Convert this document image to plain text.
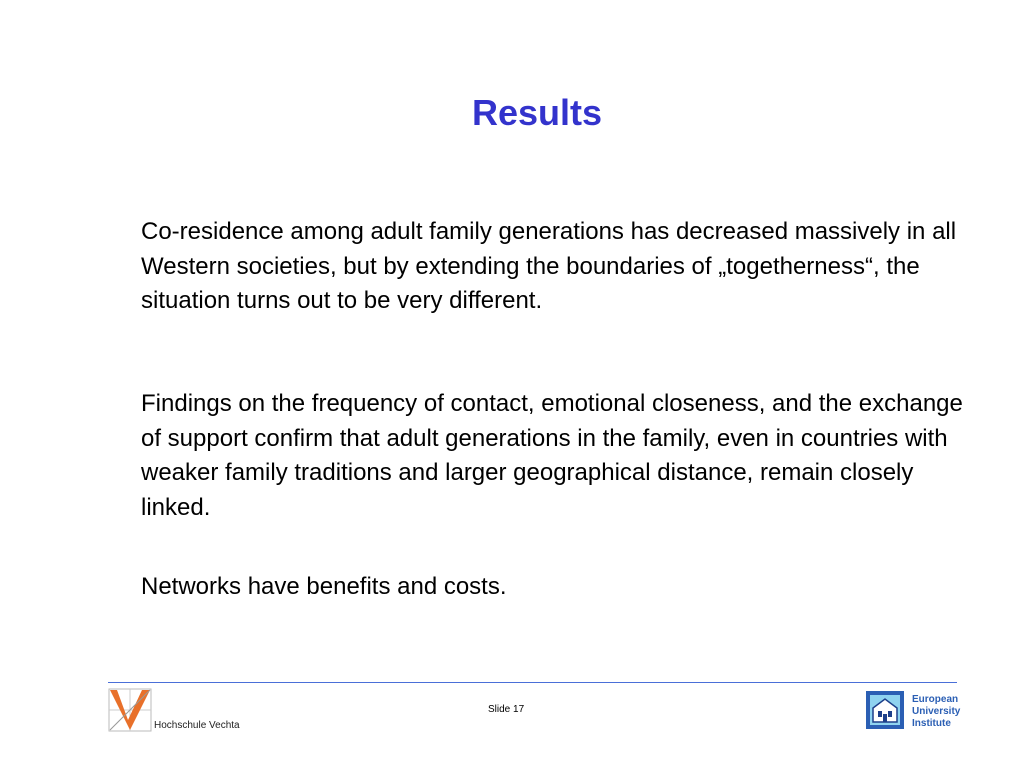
Results

Co-residence among adult family generations has decreased massively in all Western societies, but by extending the boundaries of „togetherness“, the situation turns out to be very different.

Findings on the frequency of contact, emotional closeness, and the exchange of support confirm that adult generations in the family, even in countries with weaker family traditions and larger geographical distance, remain closely linked.

Networks have benefits and costs.

Hochschule Vechta
Slide 17
European
University
Institute
